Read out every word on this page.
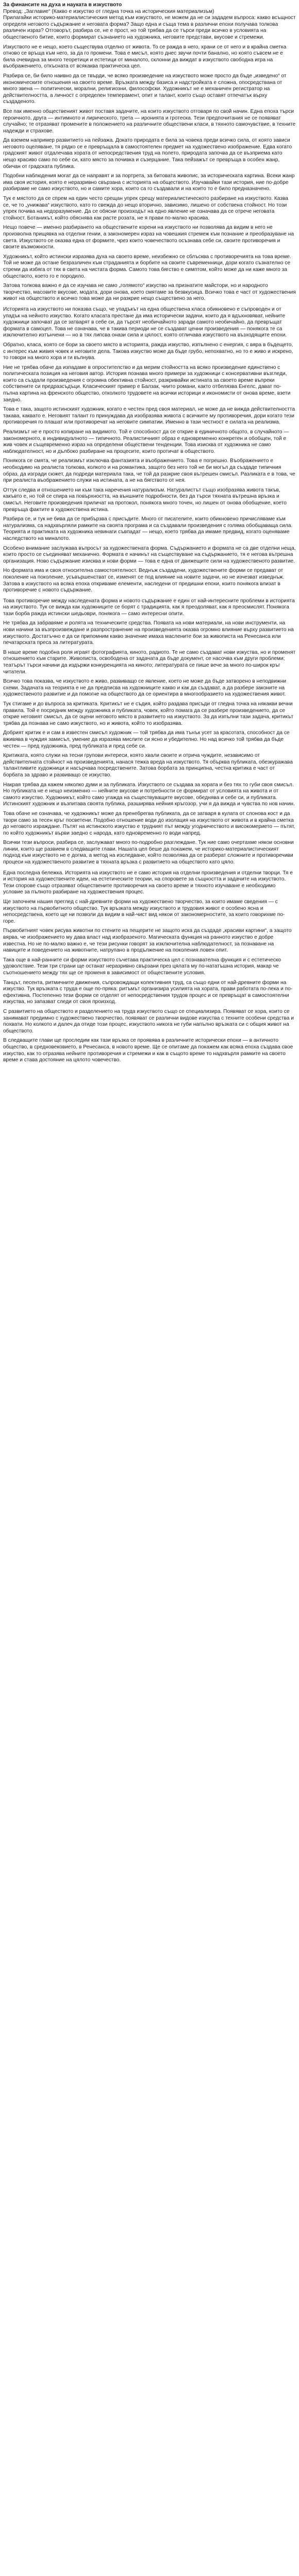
За финансите на духа и науката в изкуството

Превод: „Заглавие“ (Какво е изкуство от гледна точка на историческия материализъм)

Прилагайки историко-материалистическия метод към изкуството, не можем да не си зададем въпроса: какво всъщност определя неговото съдържание и неговата форма? Защо една и съща тема в различни епохи получава толкова различен израз? Отговорът, разбира се, не е прост, но той трябва да се търси преди всичко в условията на общественото битие, които формират съзнанието на художника, неговите представи, вкусове и стремежи.

Изкуството не е нещо, което съществува отделно от живота. То се ражда в него, храни се от него и в крайна сметка отново се връща към него, за да го промени. Това е мисъл, която днес звучи почти банално, но която съвсем не е била очевидна за много теоретици и естетици от миналото, склонни да виждат в изкуството свободна игра на въображението, откъсната от всякаква практическа цел.

Разбира се, би било наивно да се твърди, че всяко произведение на изкуството може просто да бъде „изведено“ от икономическите отношения на своето време. Връзката между базиса и надстройката е сложна, опосредствана от много звена — политически, морални, религиозни, философски. Художникът не е механичен регистратор на действителността, а личност с определен темперамент, опит и талант, които също оставят отпечатък върху създаденото.

Все пак именно общественият живот поставя задачите, на които изкуството отговаря по свой начин. Една епоха търси героичното, друга — интимното и лирическото, трета — иронията и гротеска. Тези предпочитания не се появяват случайно; те отразяват промените в положението на различните обществени класи, в тяхното самочувствие, в техните надежди и страхове.

Да вземем например развитието на пейзажа. Докато природата е била за човека преди всичко сила, от която зависи неговото оцеляване, тя рядко се е превръщала в самостоятелен предмет на художествено изображение. Едва когато градският живот отдалечава хората от непосредствения труд на полето, природата започва да се възприема като нещо красиво само по себе си, като място за почивка и съзерцание. Така пейзажът се превръща в особен жанр, обичан от градската публика.

Подобни наблюдения могат да се направят и за портрета, за битовата живопис, за историческата картина. Всеки жанр има своя история, която е неразривно свързана с историята на обществото. Изучавайки тази история, ние по-добре разбираме не само изкуството, но и самите хора, които са го създавали и на които то е било предназначено.

Тук е мястото да се спрем на един често срещан упрек срещу материалистическото разбиране на изкуството. Казва се, че то „унижава“ изкуството, като го свежда до нещо вторично, зависимо, лишено от собствена стойност. Но този упрек почива на недоразумение. Да се обясни произходът на едно явление не означава да се отрече неговата стойност. Ботаникът, който обяснява как расте розата, не я прави по-малко красива.

Нещо повече — именно разбирането на обществените корени на изкуството ни позволява да видим в него не произволна прищявка на отделни гении, а закономерен израз на човешкия стремеж към познание и преобразуване на света. Изкуството се оказва една от формите, чрез които човечеството осъзнава себе си, своите противоречия и своите възможности.

Художникът, който истински изразява духа на своето време, неизбежно се сблъсква с противоречията на това време. Той не може да остане безразличен към страданията и борбите на своите съвременници, дори когато съзнателно се стреми да избяга от тях в света на чистата форма. Самото това бягство е симптом, който може да ни каже много за обществото, което го е породило.

Затова толкова важно е да се изучава не само „голямото“ изкуство на признатите майстори, но и народното творчество, масовите вкусове, модата, дори онова, което смятаме за безвкусица. Всичко това е част от художествения живот на обществото и всичко това може да ни разкрие нещо съществено за него.

Историята на изкуството ни показва също, че упадъкът на една обществена класа обикновено е съпроводен и от упадък на нейното изкуство. Когато класата престане да има исторически задачи, които да я вдъхновяват, нейните художници започват да се затварят в себе си, да търсят необичайното заради самото необичайно, да превръщат формата в самоцел. Това не означава, че в такива периоди не се създават ценни произведения — понякога те са изключително изтънчени — но в тях липсва онази сила и цялост, която отличава изкуството на възходящите епохи.

Обратно, класа, която се бори за своето място в историята, ражда изкуство, изпълнено с енергия, с вяра в бъдещето, с интерес към живия човек и неговите дела. Такова изкуство може да бъде грубо, непохватно, но то е живо и искрено, то говори на много хора и ги вълнува.

Ние не трябва обаче да изпадаме в опростителство и да мерим стойността на всяко произведение единствено с политическата позиция на неговия автор. История познава много примери за художници с консервативни възгледи, които са създали произведения с огромна обективна стойност, разкривайки истината за своето време въпреки собствените си предразсъдъци. Класическият пример е Балзак, чиито романи, както отбелязва Енгелс, дават по-пълна картина на френското общество, отколкото трудовете на всички историци и икономисти от онова време, взети заедно.

Това е така, защото истинският художник, когато е честен пред своя материал, не може да не вижда действителността такава, каквато е. Неговият талант го принуждава да изобразява живота с всичките му противоречия, дори когато тези противоречия го плашат или противоречат на неговите симпатии. Именно в тази честност е силата на реализма.

Реализмът не е просто копиране на видимото. Той е способност да се открие в единичното общото, в случайното — закономерното, в индивидуалното — типичното. Реалистичният образ е едновременно конкретен и обобщен, той е жив човек и същевременно израз на определени обществени тенденции. Това изисква от художника не само наблюдателност, но и дълбоко разбиране на процесите, които протичат в обществото.

Понякога се смята, че реализмът изключва фантазията и въображението. Това е погрешно. Въображението е необходимо на реалиста толкова, колкото и на романтика, защото без него той не би могъл да създаде типичния образ, да изгради сюжет, да подреди материала така, че той да разкрие своя вътрешен смисъл. Разликата е в това, че при реалиста въображението служи на истината, а не на бягството от нея.

Оттук следва и отношението ни към така наречения натурализъм. Натуралистът също изобразява живота такъв, какъвто е, но той се спира на повърхността, на външните подробности, без да търси тяхната вътрешна връзка и смисъл. Неговите произведения приличат на протокол, понякога много точен, но лишен от онова обобщение, което превръща фактите в художествена истина.

Разбира се, и тук не бива да се прибързва с присъдите. Много от писателите, които обикновено причисляваме към натурализма, са надхвърляли рамките на своята програма и са създавали произведения с голяма обобщаваща сила. Теорията и практиката на художника невинаги съвпадат — нещо, което трябва да имаме предвид, когато оценяваме наследството на миналото.

Особено внимание заслужава въпросът за художествената форма. Съдържанието и формата не са две отделни неща, които просто се съединяват механично. Формата е начинът на съществуване на съдържанието, тя е негова вътрешна организация. Ново съдържание изисква и нови форми — това е една от движещите сили на художественото развитие.

Но формата има и своя относителна самостоятелност. Веднъж създадени, художествените форми се предават от поколение на поколение, усъвършенстват се, изменят се под влияние на новите задачи, но не изчезват изведнъж. Затова в изкуството на всяка епоха откриваме елементи, наследени от предишни епохи, които понякога влизат в противоречие с новото съдържание.

Това противоречие между наследената форма и новото съдържание е един от най-интересните проблеми в историята на изкуството. Тук се вижда как художниците се борят с традицията, как я преодоляват, как я преосмислят. Понякога тази борба ражда истински шедьоври, понякога — само интересни опити.

Не трябва да забравяме и ролята на техническите средства. Появата на нови материали, на нови инструменти, на нови начини за възпроизвеждане и разпространение на произведенията оказва огромно влияние върху развитието на изкуството. Достатъчно е да си припомним какво значение имаха маслените бои за живописта на Ренесанса или печатарската преса за литературата.

В наше време подобна роля играят фотографията, киното, радиото. Те не само създават нови изкуства, но и променят отношението към старите. Живописта, освободена от задачата да бъде документ, се насочва към други проблеми; театърът търси начини да издържи конкуренцията на киното; литературата се пише вече за много по-широк кръг читатели.

Всичко това показва, че изкуството е живо, развиващо се явление, което не може да бъде затворено в неподвижни схеми. Задачата на теорията е не да предписва на художниците какво и как да създават, а да разбере законите на художественото развитие и да помогне на обществото да се ориентира в многообразието на художествения живот.

Тук стигаме и до въпроса за критиката. Критикът не е съдия, който раздава присъди от гледна точка на някакви вечни правила. Той е посредник между художника и публиката, човек, който помага да се разбере произведението, да се открие неговият смисъл, да се оцени неговото място в развитието на изкуството. За да изпълни тази задача, критикът трябва да познава не само изкуството, но и живота, който то изобразява.

Добрият критик е и сам в известен смисъл художник — той трябва да има тънък усет за красотата, способност да се вживява в чуждия замисъл, умение да изразява мислите си ясно и убедително. Но над всичко той трябва да бъде честен — пред художника, пред публиката и пред себе си.

Критиката, която служи на тесни групови интереси, която хвали своите и отрича чуждите, независимо от действителната стойност на произведенията, нанася тежка вреда на изкуството. Тя обърква публиката, обезкуражава талантливите художници и насърчава посредствените. Затова борбата за принципна, честна критика е част от борбата за здраво и развиващо се изкуство.

Накрая трябва да кажем няколко думи и за публиката. Изкуството се създава за хората и без тях то губи своя смисъл. Но публиката не е нещо неизменно — нейните вкусове и потребности се формират от условията на живота и от самото изкуство. Художникът, който само угажда на съществуващите вкусове, обеднява и себе си, и публиката. Истинският художник и възпитава своята публика, разширява нейния кръгозор, учи я да вижда и чувства по нов начин.

Това обаче не означава, че художникът може да пренебрегва публиката, да се затваря в кулата от слонова кост и да твори само за тесен кръг посветени. Подобно отношение води до изолация на изкуството от живота и в крайна сметка до неговото израждане. Пътят на истинското изкуство е трудният път между угодничеството и високомерието — пътят, по който художникът върви заедно с народа, като едновременно го води напред.

Всички тези въпроси, разбира се, заслужават много по-подробно разглеждане. Тук ние само очертахме някои основни линии, които ще развием в следващите глави. Нашата цел беше да покажем, че историко-материалистическият подход към изкуството не е догма, а метод на изследване, който позволява да се разберат сложните и противоречиви процеси на художественото развитие в тяхната връзка с развитието на обществото като цяло.

Една последна бележка. Историята на изкуството не е само история на отделни произведения и отделни творци. Тя е и история на художествените идеи, на естетическите теории, на споровете за същността и задачите на изкуството. Тези спорове също отразяват обществените противоречия на своето време и тяхното изучаване е необходимо условие за пълното разбиране на художествения процес.

Ще започнем нашия преглед с най-древните форми на художествено творчество, за които имаме сведения — с изкуството на първобитното общество. Тук връзката между изкуството и трудовия живот е особено ясна и непосредствена, което ще ни позволи да видим в най-чист вид някои от закономерностите, за които говорихме по-горе.

Първобитният човек рисува животни по стените на пещерите не защото иска да създаде „красиви картини“, а защото вярва, че изображението му дава власт над изобразеното. Магическата функция на ранното изкуство е добре известна. Но не по-малко важно е, че тези рисунки говорят за изключителна наблюдателност, за познаване на навиците и поведението на животните, натрупано в продължение на поколения ловен опит.

Така още в най-ранните си форми изкуството съчетава практическа цел с познавателна функция и с естетическо удоволствие. Тези три страни ще останат неразривно свързани през цялата му по-нататъшна история, макар че съотношението между тях ще се променя в зависимост от обществените условия.

Танцът, песента, ритмичните движения, съпровождащи колективния труд, са също едни от най-древните форми на изкуство. Тук връзката с труда е още по-пряка: ритъмът организира усилията на хората, прави работата по-лека и по-ефективна. Постепенно тези форми се отделят от непосредствения трудов процес и се превръщат в самостоятелни изкуства, но запазват следи от своя произход.

С развитието на обществото и разделението на труда изкуството също се специализира. Появяват се хора, които се занимават предимно с художествено творчество, появяват се различни видове изкуства с техните особени средства и похвати. Но колкото и далеч да отиде този процес, изкуството никога не губи напълно връзката си с общия живот на обществото.

В следващите глави ще проследим как тази връзка се проявява в различните исторически епохи — в античното общество, в средновековието, в Ренесанса, в новото време. Ще се опитаме да покажем как всяка епоха създава свое изкуство, как то отразява нейните противоречия и стремежи и как в същото време то надхвърля рамките на своето време и става достояние на цялото човечество.
